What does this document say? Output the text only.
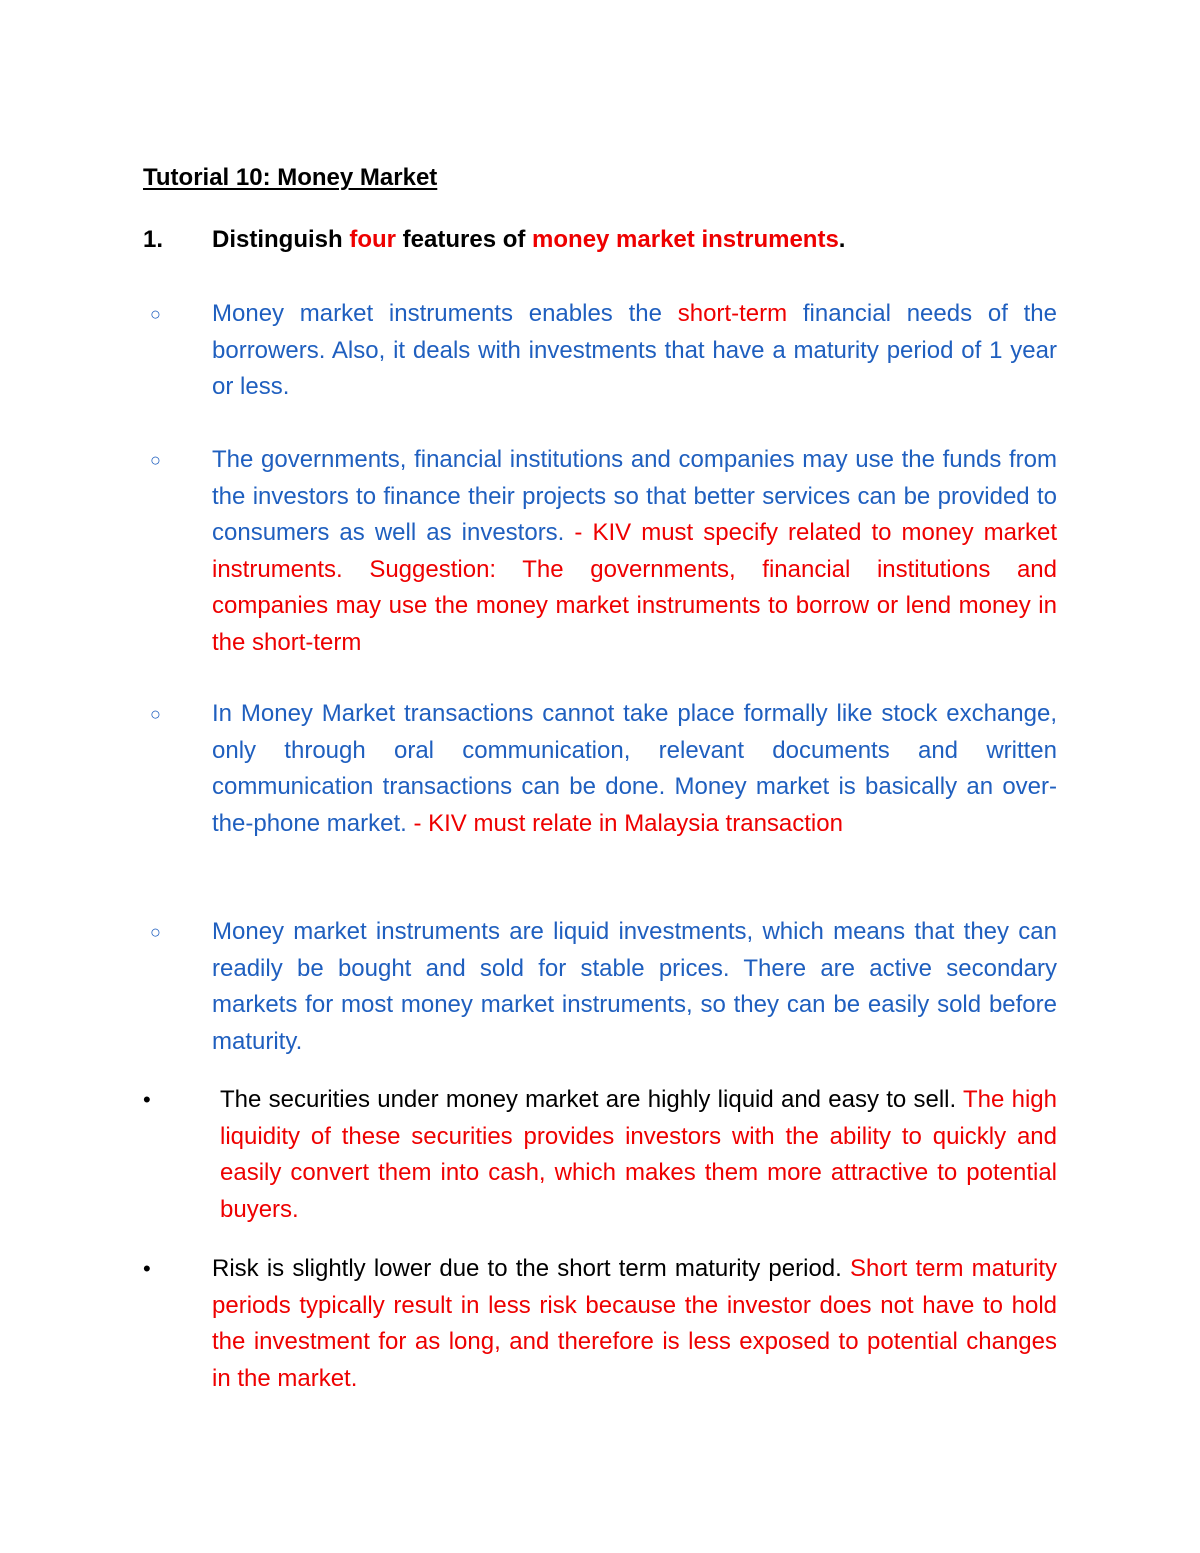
Tutorial 10: Money Market
1. Distinguish four features of money market instruments.
○ Money market instruments enables the short-term financial needs of the borrowers. Also, it deals with investments that have a maturity period of 1 year or less.
○ The governments, financial institutions and companies may use the funds from the investors to finance their projects so that better services can be provided to consumers as well as investors. - KIV must specify related to money market instruments. Suggestion: The governments, financial institutions and companies may use the money market instruments to borrow or lend money in the short-term
○ In Money Market transactions cannot take place formally like stock exchange, only through oral communication, relevant documents and written communication transactions can be done. Money market is basically an over-the-phone market. - KIV must relate in Malaysia transaction
○ Money market instruments are liquid investments, which means that they can readily be bought and sold for stable prices. There are active secondary markets for most money market instruments, so they can be easily sold before maturity.
•	The securities under money market are highly liquid and easy to sell. The high liquidity of these securities provides investors with the ability to quickly and easily convert them into cash, which makes them more attractive to potential buyers.
•	Risk is slightly lower due to the short term maturity period. Short term maturity periods typically result in less risk because the investor does not have to hold the investment for as long, and therefore is less exposed to potential changes in the market.
